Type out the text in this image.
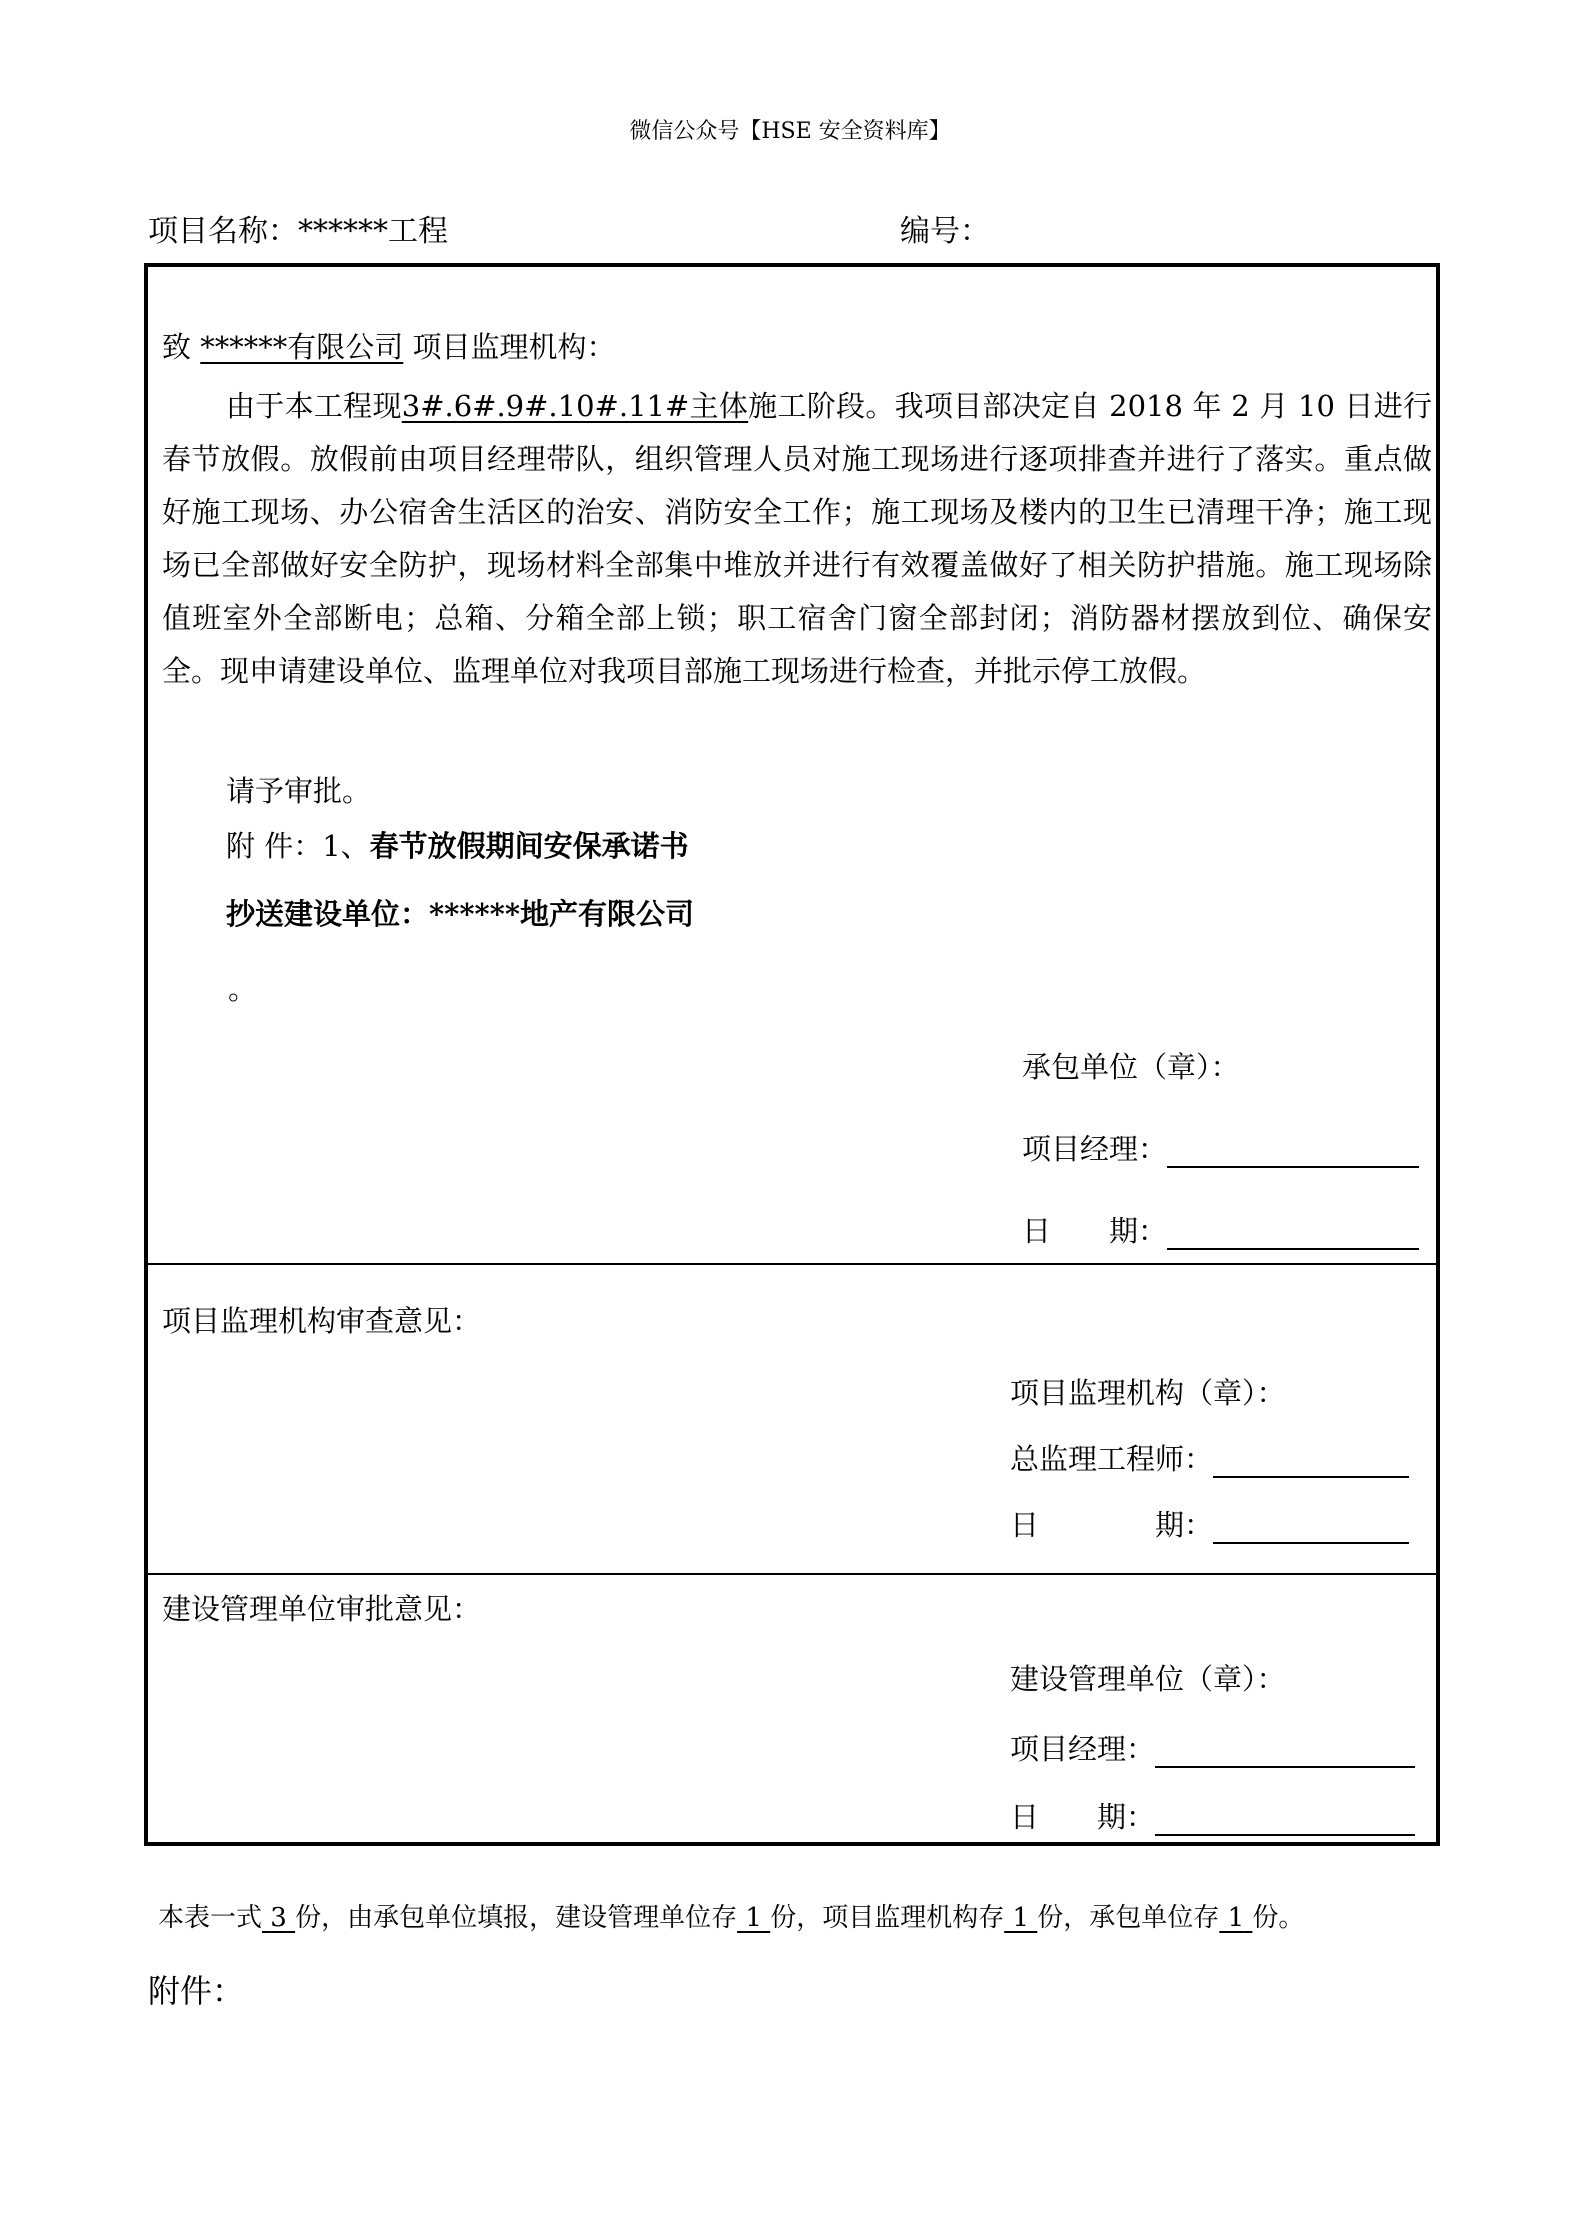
微信公众号【HSE 安全资料库】
项目名称：******工程	编号：
致 ******有限公司 项目监理机构：

由于本工程现3#.6#.9#.10#.11#主体施工阶段。我项目部决定自 2018 年 2 月 10 日进行春节放假。放假前由项目经理带队，组织管理人员对施工现场进行逐项排查并进行了落实。重点做好施工现场、办公宿舍生活区的治安、消防安全工作；施工现场及楼内的卫生已清理干净；施工现场已全部做好安全防护，现场材料全部集中堆放并进行有效覆盖做好了相关防护措施。施工现场除值班室外全部断电；总箱、分箱全部上锁；职工宿舍门窗全部封闭；消防器材摆放到位、确保安全。现申请建设单位、监理单位对我项目部施工现场进行检查，并批示停工放假。

请予审批。
附 件：1、春节放假期间安保承诺书
抄送建设单位：******地产有限公司
。
承包单位（章）：
项目经理：
日　　期：
项目监理机构审查意见：
项目监理机构（章）：
总监理工程师：
日　　　　期：
建设管理单位审批意见：
建设管理单位（章）：
项目经理：
日　　期：
本表一式 3 份，由承包单位填报，建设管理单位存 1 份，项目监理机构存 1 份，承包单位存 1 份。
附件：
